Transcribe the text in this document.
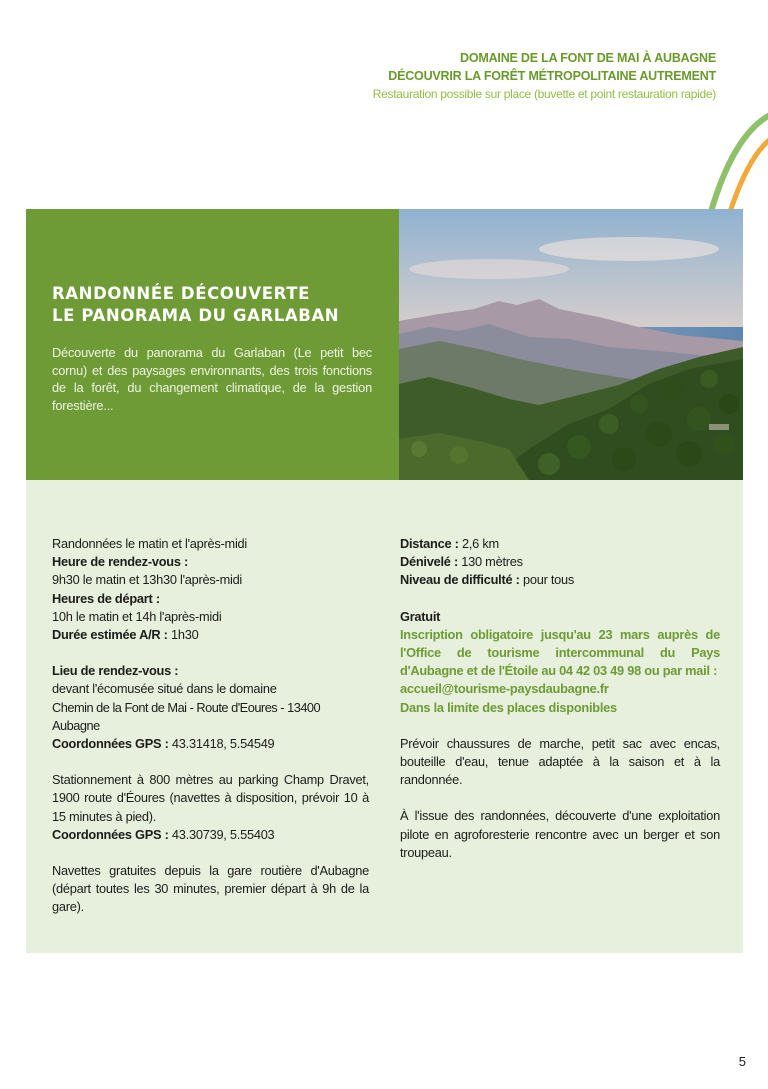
DOMAINE DE LA FONT DE MAI À AUBAGNE
DÉCOUVRIR LA FORÊT MÉTROPOLITAINE AUTREMENT
Restauration possible sur place (buvette et point restauration rapide)
RANDONNÉE DÉCOUVERTE
LE PANORAMA DU GARLABAN
Découverte du panorama du Garlaban (Le petit bec cornu) et des paysages environnants, des trois fonctions de la forêt, du changement climatique, de la gestion forestière...

Randonnées le matin et l'après-midi

Heure de rendez-vous :

9h30 le matin et 13h30 l'après-midi

Heures de départ :

10h le matin et 14h l'après-midi

Durée estimée A/R : 1h30

Lieu de rendez-vous :

devant l'écomusée situé dans le domaine

Chemin de la Font de Mai - Route d'Eoures - 13400 Aubagne

Coordonnées GPS : 43.31418, 5.54549

Stationnement à 800 mètres au parking Champ Dravet, 1900 route d'Éoures (navettes à disposition, prévoir 10 à 15 minutes à pied).

Coordonnées GPS : 43.30739, 5.55403

Navettes gratuites depuis la gare routière d'Aubagne (départ toutes les 30 minutes, premier départ à 9h de la gare).

Distance : 2,6 km

Dénivelé : 130 mètres

Niveau de difficulté : pour tous

Gratuit

Inscription obligatoire jusqu'au 23 mars auprès de l'Office de tourisme intercommunal du Pays d'Aubagne et de l'Étoile au 04 42 03 49 98 ou par mail :

accueil@tourisme-paysdaubagne.fr

Dans la limite des places disponibles

Prévoir chaussures de marche, petit sac avec encas, bouteille d'eau, tenue adaptée à la saison et à la randonnée.

À l'issue des randonnées, découverte d'une exploitation pilote en agroforesterie rencontre avec un berger et son troupeau.

5
